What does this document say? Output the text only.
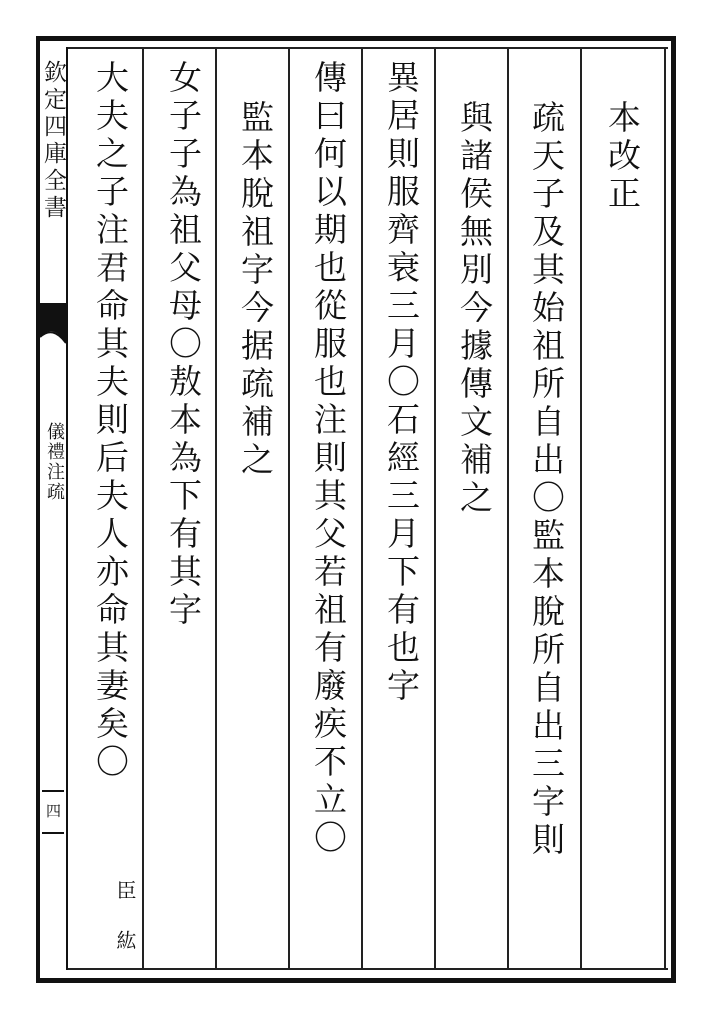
欽定四庫全書
儀禮注疏
四
本改正
疏天子及其始祖所自出〇監本脫所自出三字則
與諸侯無別今據傳文補之
異居則服齊衰三月〇石經三月下有也字
傳曰何以期也從服也注則其父若祖有廢疾不立〇
監本脫祖字今据疏補之
女子子為祖父母〇敖本為下有其字
大夫之子注君命其夫則后夫人亦命其妻矣〇
臣
紘
